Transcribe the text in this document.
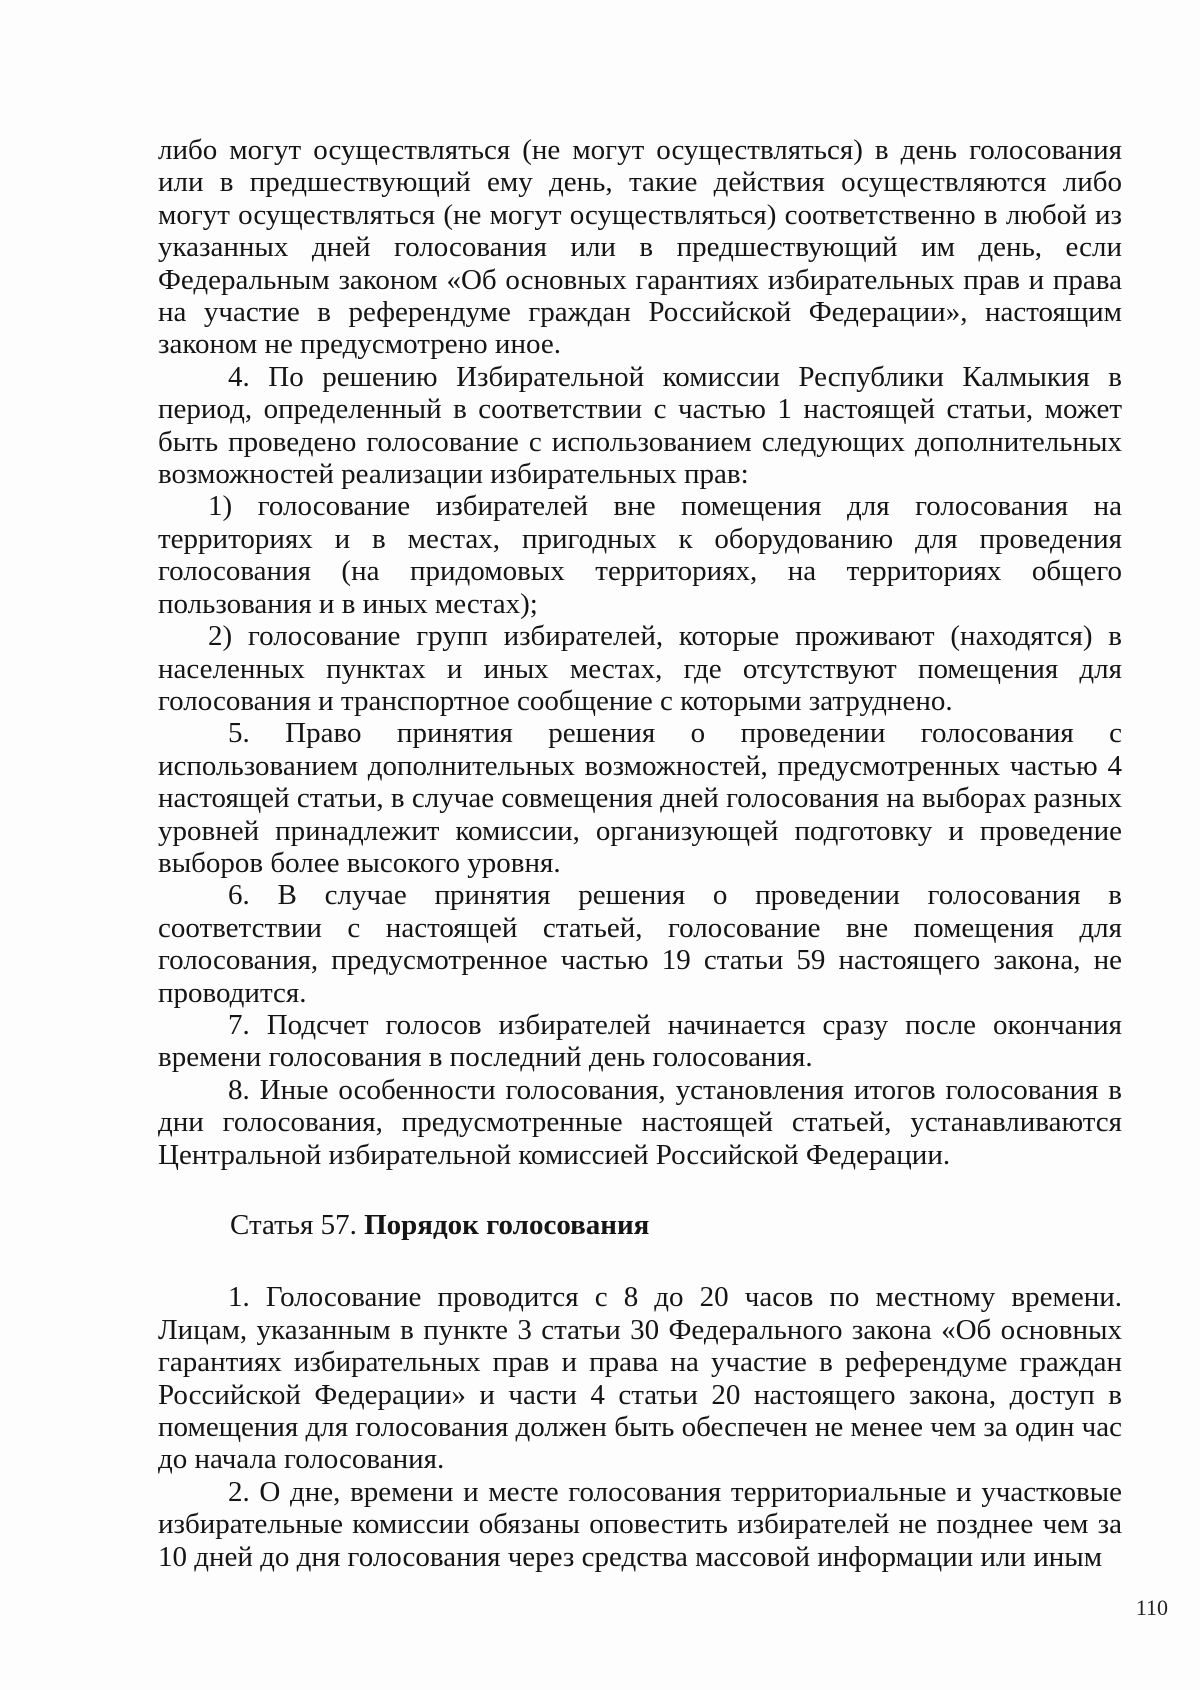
либо могут осуществляться (не могут осуществляться) в день голосования или в предшествующий ему день, такие действия осуществляются либо могут осуществляться (не могут осуществляться) соответственно в любой из указанных дней голосования или в предшествующий им день, если Федеральным законом «Об основных гарантиях избирательных прав и права на участие в референдуме граждан Российской Федерации», настоящим законом не предусмотрено иное.

4. По решению Избирательной комиссии Республики Калмыкия в период, определенный в соответствии с частью 1 настоящей статьи, может быть проведено голосование с использованием следующих дополнительных возможностей реализации избирательных прав:

1) голосование избирателей вне помещения для голосования на территориях и в местах, пригодных к оборудованию для проведения голосования (на придомовых территориях, на территориях общего пользования и в иных местах);

2) голосование групп избирателей, которые проживают (находятся) в населенных пунктах и иных местах, где отсутствуют помещения для голосования и транспортное сообщение с которыми затруднено.

5. Право принятия решения о проведении голосования с использованием дополнительных возможностей, предусмотренных частью 4 настоящей статьи, в случае совмещения дней голосования на выборах разных уровней принадлежит комиссии, организующей подготовку и проведение выборов более высокого уровня.

6. В случае принятия решения о проведении голосования в соответствии с настоящей статьей, голосование вне помещения для голосования, предусмотренное частью 19 статьи 59 настоящего закона, не проводится.

7. Подсчет голосов избирателей начинается сразу после окончания времени голосования в последний день голосования.

8. Иные особенности голосования, установления итогов голосования в дни голосования, предусмотренные настоящей статьей, устанавливаются Центральной избирательной комиссией Российской Федерации.

Статья 57. Порядок голосования

1. Голосование проводится с 8 до 20 часов по местному времени. Лицам, указанным в пункте 3 статьи 30 Федерального закона «Об основных гарантиях избирательных прав и права на участие в референдуме граждан Российской Федерации» и части 4 статьи 20 настоящего закона, доступ в помещения для голосования должен быть обеспечен не менее чем за один час до начала голосования.

2. О дне, времени и месте голосования территориальные и участковые избирательные комиссии обязаны оповестить избирателей не позднее чем за 10 дней до дня голосования через средства массовой информации или иным

110
